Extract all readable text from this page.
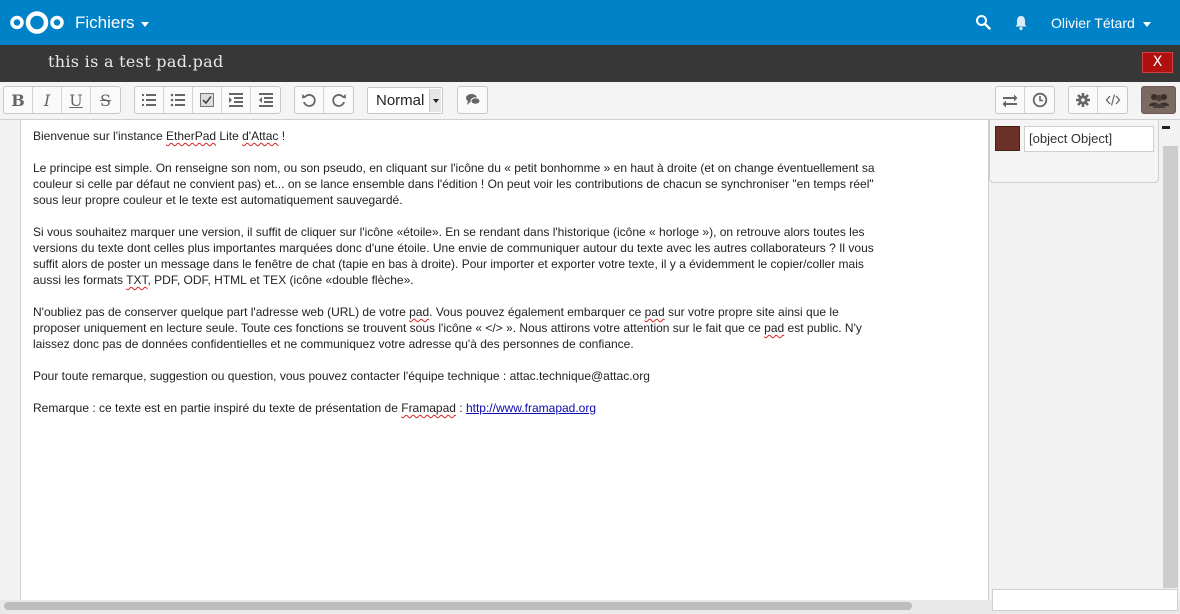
Fichiers	Olivier Tétard
this is a test pad.pad	X
B	I	U	S	Normal

Bienvenue sur l'instance EtherPad Lite d'Attac !

Le principe est simple. On renseigne son nom, ou son pseudo, en cliquant sur l'icône du « petit bonhomme » en haut à droite (et on change éventuellement sa couleur si celle par défaut ne convient pas) et... on se lance ensemble dans l'édition ! On peut voir les contributions de chacun se synchroniser "en temps réel" sous leur propre couleur et le texte est automatiquement sauvegardé.

Si vous souhaitez marquer une version, il suffit de cliquer sur l'icône «étoile». En se rendant dans l'historique (icône « horloge »), on retrouve alors toutes les versions du texte dont celles plus importantes marquées donc d'une étoile. Une envie de communiquer autour du texte avec les autres collaborateurs ? Il vous suffit alors de poster un message dans le fenêtre de chat (tapie en bas à droite). Pour importer et exporter votre texte, il y a évidemment le copier/coller mais aussi les formats TXT, PDF, ODF, HTML et TEX (icône «double flèche».

N'oubliez pas de conserver quelque part l'adresse web (URL) de votre pad. Vous pouvez également embarquer ce pad sur votre propre site ainsi que le proposer uniquement en lecture seule. Toute ces fonctions se trouvent sous l'icône « </> ». Nous attirons votre attention sur le fait que ce pad est public. N'y laissez donc pas de données confidentielles et ne communiquez votre adresse qu'à des personnes de confiance.

Pour toute remarque, suggestion ou question, vous pouvez contacter l'équipe technique : attac.technique@attac.org

Remarque : ce texte est en partie inspiré du texte de présentation de Framapad : http://www.framapad.org

[object Object]
